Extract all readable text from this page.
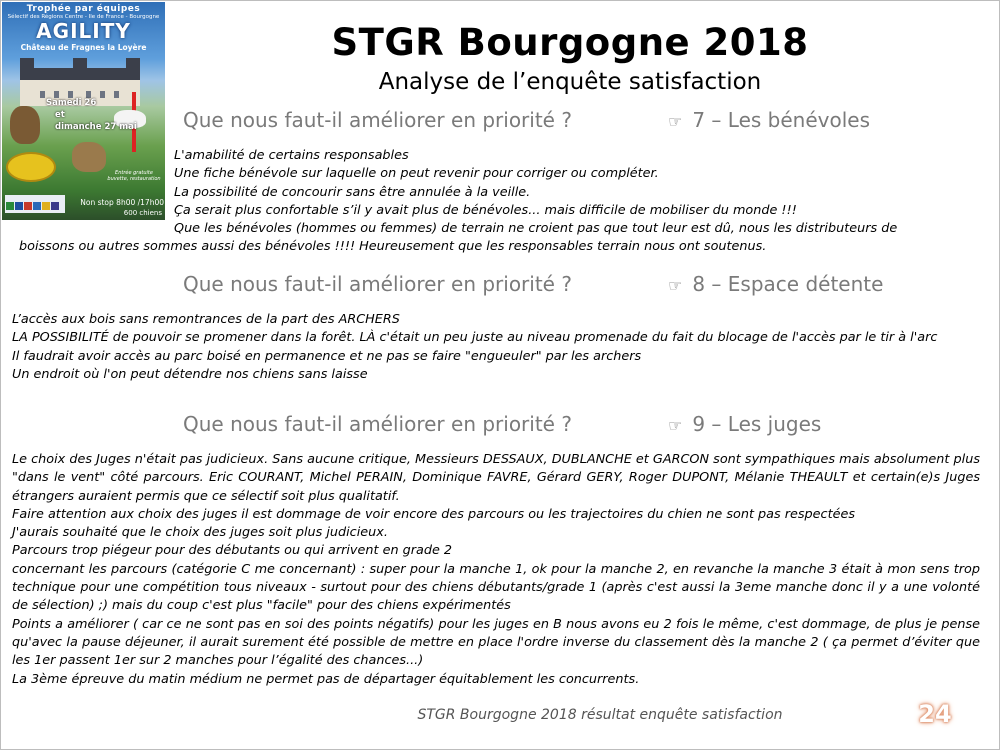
Trophée par équipes
Sélectif des Régions Centre - Ile de France - Bourgogne
AGILITY
Château de Fragnes la Loyère
Samedi 26
et
dimanche 27 mai
Entrée gratuite buvette, restauration
Non stop 8h00 /17h00
600 chiens
STGR Bourgogne 2018
Analyse de l’enquête satisfaction
Que nous faut-il améliorer en priorité ?	☞ 7 – Les bénévoles
L'amabilité de certains responsables
Une fiche bénévole sur laquelle on peut revenir pour corriger ou compléter.
La possibilité de concourir sans être annulée à la veille.
Ça serait plus confortable s’il y avait plus de bénévoles... mais difficile de mobiliser du monde !!!
Que les bénévoles (hommes ou femmes) de terrain ne croient pas que tout leur est dû, nous les distributeurs de
boissons ou autres sommes aussi des bénévoles !!!! Heureusement que les responsables terrain nous ont soutenus.
Que nous faut-il améliorer en priorité ?	☞ 8 – Espace détente
L’accès aux bois sans remontrances de la part des ARCHERS
LA POSSIBILITÉ de pouvoir se promener dans la forêt. LÀ c'était un peu juste au niveau promenade du fait du blocage de l'accès par le tir à l'arc
Il faudrait avoir accès au parc boisé en permanence et ne pas se faire "engueuler" par les archers
Un endroit où l'on peut détendre nos chiens sans laisse
Que nous faut-il améliorer en priorité ?	☞ 9 – Les juges
Le choix des Juges n'était pas judicieux. Sans aucune critique, Messieurs DESSAUX, DUBLANCHE et GARCON sont sympathiques mais absolument plus "dans le vent" côté parcours. Eric COURANT, Michel PERAIN, Dominique FAVRE, Gérard GERY, Roger DUPONT, Mélanie THEAULT et certain(e)s Juges étrangers auraient permis que ce sélectif soit plus qualitatif.
Faire attention aux choix des juges il est dommage de voir encore des parcours ou les trajectoires du chien ne sont pas respectées
J'aurais souhaité que le choix des juges soit plus judicieux.
Parcours trop piégeur pour des débutants ou qui arrivent en grade 2
concernant les parcours (catégorie C me concernant) : super pour la manche 1, ok pour la manche 2, en revanche la manche 3 était à mon sens trop technique pour une compétition tous niveaux - surtout pour des chiens débutants/grade 1 (après c'est aussi la 3eme manche donc il y a une volonté de sélection) ;) mais du coup c'est plus "facile" pour des chiens expérimentés
Points a améliorer ( car ce ne sont pas en soi des points négatifs) pour les juges en B nous avons eu 2 fois le même, c'est dommage, de plus je pense qu'avec la pause déjeuner, il aurait surement été possible de mettre en place l'ordre inverse du classement dès la manche 2 ( ça permet d’éviter que les 1er passent 1er sur 2 manches pour l’égalité des chances...)
La 3ème épreuve du matin médium ne permet pas de départager équitablement les concurrents.
STGR Bourgogne 2018 résultat enquête satisfaction	24
